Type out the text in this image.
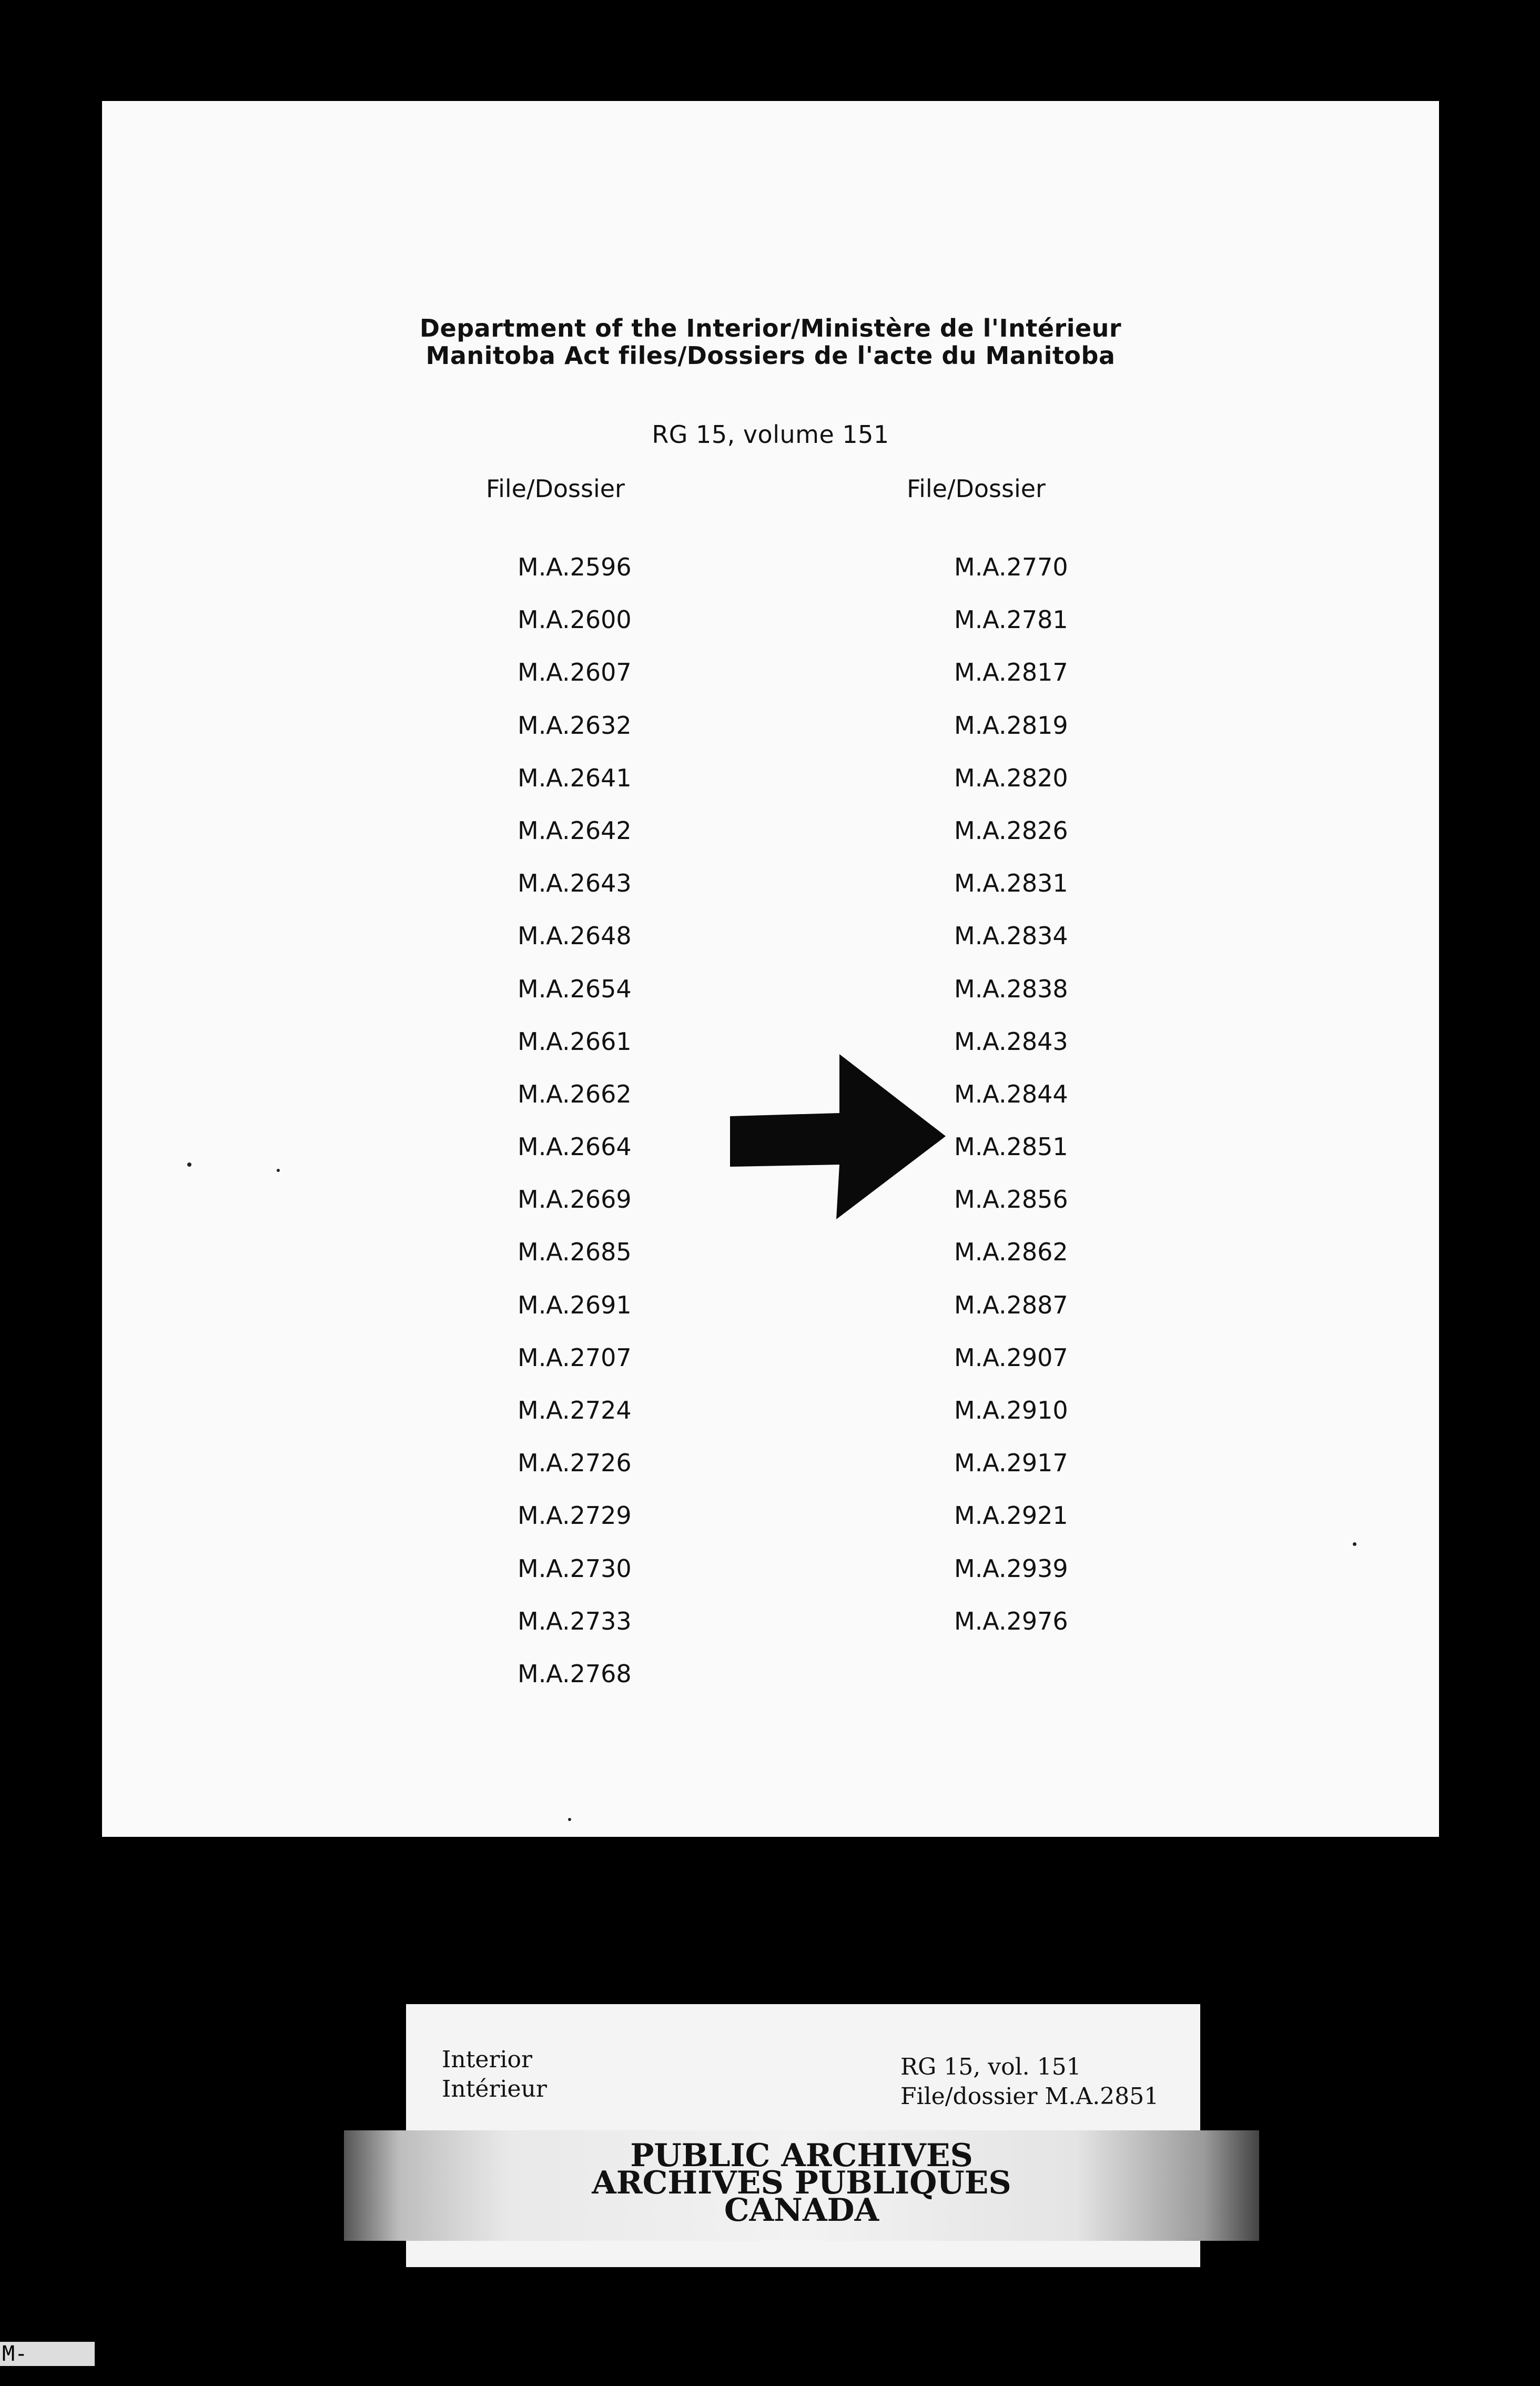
Department of the Interior/Ministère de l'Intérieur
Manitoba Act files/Dossiers de l'acte du Manitoba
RG 15, volume 151
File/Dossier	File/Dossier
M.A.2596
M.A.2600
M.A.2607
M.A.2632
M.A.2641
M.A.2642
M.A.2643
M.A.2648
M.A.2654
M.A.2661
M.A.2662
M.A.2664
M.A.2669
M.A.2685
M.A.2691
M.A.2707
M.A.2724
M.A.2726
M.A.2729
M.A.2730
M.A.2733
M.A.2768
M.A.2770
M.A.2781
M.A.2817
M.A.2819
M.A.2820
M.A.2826
M.A.2831
M.A.2834
M.A.2838
M.A.2843
M.A.2844
M.A.2851
M.A.2856
M.A.2862
M.A.2887
M.A.2907
M.A.2910
M.A.2917
M.A.2921
M.A.2939
M.A.2976
Interior
Intérieur
RG 15, vol. 151
File/dossier M.A.2851
PUBLIC ARCHIVES
ARCHIVES PUBLIQUES
CANADA
M-
